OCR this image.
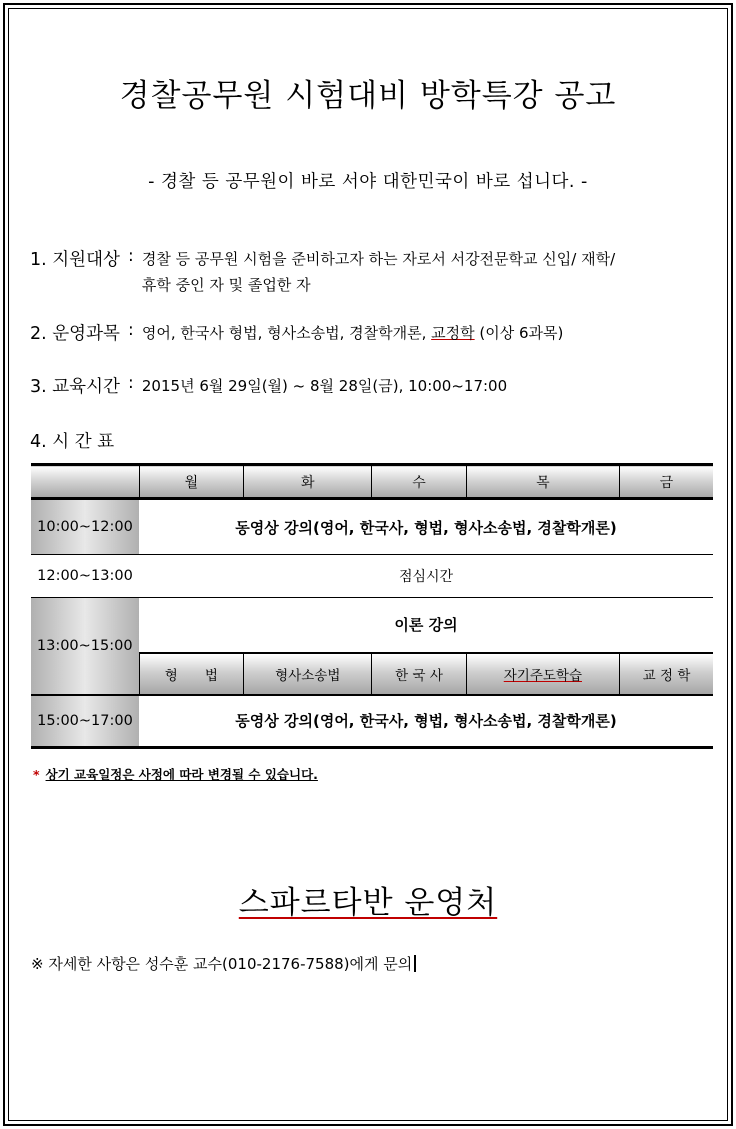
경찰공무원 시험대비 방학특강 공고
- 경찰 등 공무원이 바로 서야 대한민국이 바로 섭니다. -
1. 지원대상 : 경찰 등 공무원 시험을 준비하고자 하는 자로서 서강전문학교 신입/ 재학/
휴학 중인 자 및 졸업한 자
2. 운영과목 : 영어, 한국사 형법, 형사소송법, 경찰학개론, 교정학 (이상 6과목)
3. 교육시간 : 2015년 6월 29일(월) ~ 8월 28일(금), 10:00~17:00
4. 시 간 표
	월	화	수	목	금
10:00~12:00	동영상 강의(영어, 한국사, 형법, 형사소송법, 경찰학개론)				
12:00~13:00	점심시간				
13:00~15:00	이론 강의				
	형　　법	형사소송법	한 국 사	자기주도학습	교 정 학
15:00~17:00	동영상 강의(영어, 한국사, 형법, 형사소송법, 경찰학개론)				
* 상기 교육일정은 사정에 따라 변경될 수 있습니다.
스파르타반 운영처
※ 자세한 사항은 성수훈 교수(010-2176-7588)에게 문의
